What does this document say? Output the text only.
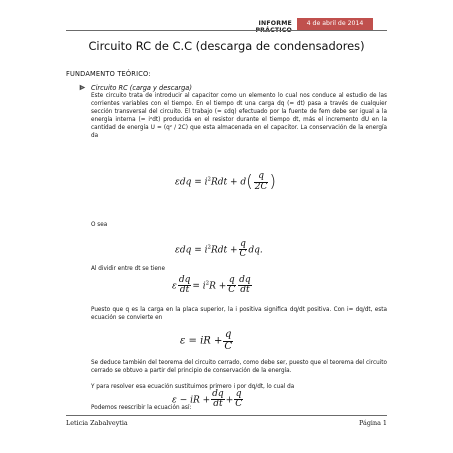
INFORME	4 de abril de 2014
Circuito RC de C.C (descarga de condensadores)
FUNDAMENTO TEÓRICO:
Circuito RC (carga y descarga)
Este circuito trata de introducir al capacitor como un elemento lo cual nos conduce al estudio de las corrientes variables con el tiempo. En el tiempo dt una carga dq (= dt) pasa a través de cualquier sección transversal del circuito. El trabajo (= εdq) efectuado por la fuente de fem debe ser igual a la energía interna (= i²dt) producida en el resistor durante el tiempo dt, más el incremento dU en la cantidad de energía U = (q² / 2C) que esta almacenada en el capacitor. La conservación de la energía da
$\varepsilon dq = i^2Rdt + d( \frac{q}{2C}$ )
O sea
$\varepsilon dq = i^2Rdt + \frac{q}{C}$ dq.
Al dividir entre dt se tiene
ε $\frac{dq}{dt} = i^2R + \frac{q}{C} \frac{dq}{dt}$
Puesto que q es la carga en la placa superior, la i positiva significa dq/dt positiva. Con i= dq/dt, esta ecuación se convierte en
ε = iR + $\frac{q}{C}$
Se deduce también del teorema del circuito cerrado, como debe ser, puesto que el teorema del circuito cerrado se obtuvo a partir del principio de conservación de la energía.
Y para resolver esa ecuación sustituimos primero i por dq/dt, lo cual da
ε − iR + $\frac{dq}{dt} + \frac{q}{C}$
Podemos reescribir la ecuación así:
Leticia Zabalveytia	Página 1
